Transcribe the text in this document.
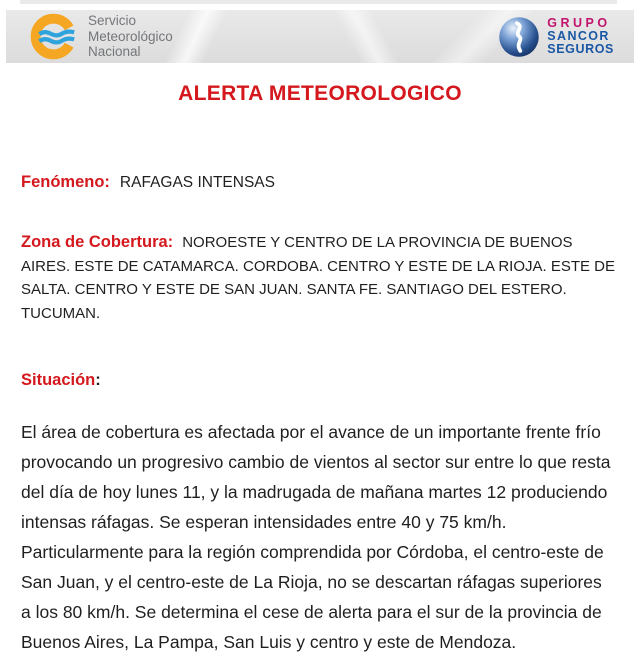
Servicio
Meteorológico
Nacional
GRUPO
SANCOR
SEGUROS
ALERTA METEOROLOGICO

Fenómeno: RAFAGAS INTENSAS

Zona de Cobertura: NOROESTE Y CENTRO DE LA PROVINCIA DE BUENOS AIRES. ESTE DE CATAMARCA. CORDOBA. CENTRO Y ESTE DE LA RIOJA. ESTE DE SALTA. CENTRO Y ESTE DE SAN JUAN. SANTA FE. SANTIAGO DEL ESTERO. TUCUMAN.

Situación:

El área de cobertura es afectada por el avance de un importante frente frío provocando un progresivo cambio de vientos al sector sur entre lo que resta del día de hoy lunes 11, y la madrugada de mañana martes 12 produciendo intensas ráfagas. Se esperan intensidades entre 40 y 75 km/h. Particularmente para la región comprendida por Córdoba, el centro-este de San Juan, y el centro-este de La Rioja, no se descartan ráfagas superiores a los 80 km/h. Se determina el cese de alerta para el sur de la provincia de Buenos Aires, La Pampa, San Luis y centro y este de Mendoza.
